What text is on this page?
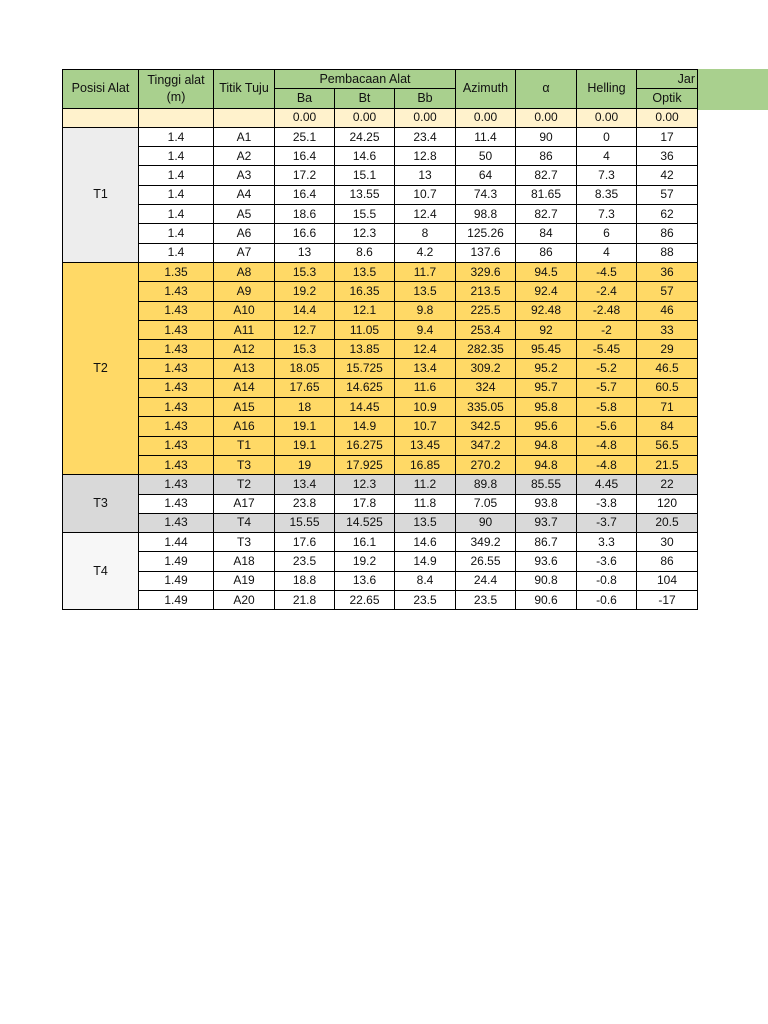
Posisi Alat	Tinggi alat (m)	Titik Tuju	Pembacaan Alat			Azimuth	α	Helling	Jar
			Ba	Bt	Bb				Optik
			0.00	0.00	0.00	0.00	0.00	0.00	0.00
T1	1.4	A1	25.1	24.25	23.4	11.4	90	0	17
	1.4	A2	16.4	14.6	12.8	50	86	4	36
	1.4	A3	17.2	15.1	13	64	82.7	7.3	42
	1.4	A4	16.4	13.55	10.7	74.3	81.65	8.35	57
	1.4	A5	18.6	15.5	12.4	98.8	82.7	7.3	62
	1.4	A6	16.6	12.3	8	125.26	84	6	86
	1.4	A7	13	8.6	4.2	137.6	86	4	88
T2	1.35	A8	15.3	13.5	11.7	329.6	94.5	-4.5	36
	1.43	A9	19.2	16.35	13.5	213.5	92.4	-2.4	57
	1.43	A10	14.4	12.1	9.8	225.5	92.48	-2.48	46
	1.43	A11	12.7	11.05	9.4	253.4	92	-2	33
	1.43	A12	15.3	13.85	12.4	282.35	95.45	-5.45	29
	1.43	A13	18.05	15.725	13.4	309.2	95.2	-5.2	46.5
	1.43	A14	17.65	14.625	11.6	324	95.7	-5.7	60.5
	1.43	A15	18	14.45	10.9	335.05	95.8	-5.8	71
	1.43	A16	19.1	14.9	10.7	342.5	95.6	-5.6	84
	1.43	T1	19.1	16.275	13.45	347.2	94.8	-4.8	56.5
	1.43	T3	19	17.925	16.85	270.2	94.8	-4.8	21.5
T3	1.43	T2	13.4	12.3	11.2	89.8	85.55	4.45	22
	1.43	A17	23.8	17.8	11.8	7.05	93.8	-3.8	120
	1.43	T4	15.55	14.525	13.5	90	93.7	-3.7	20.5
T4	1.44	T3	17.6	16.1	14.6	349.2	86.7	3.3	30
	1.49	A18	23.5	19.2	14.9	26.55	93.6	-3.6	86
	1.49	A19	18.8	13.6	8.4	24.4	90.8	-0.8	104
	1.49	A20	21.8	22.65	23.5	23.5	90.6	-0.6	-17
